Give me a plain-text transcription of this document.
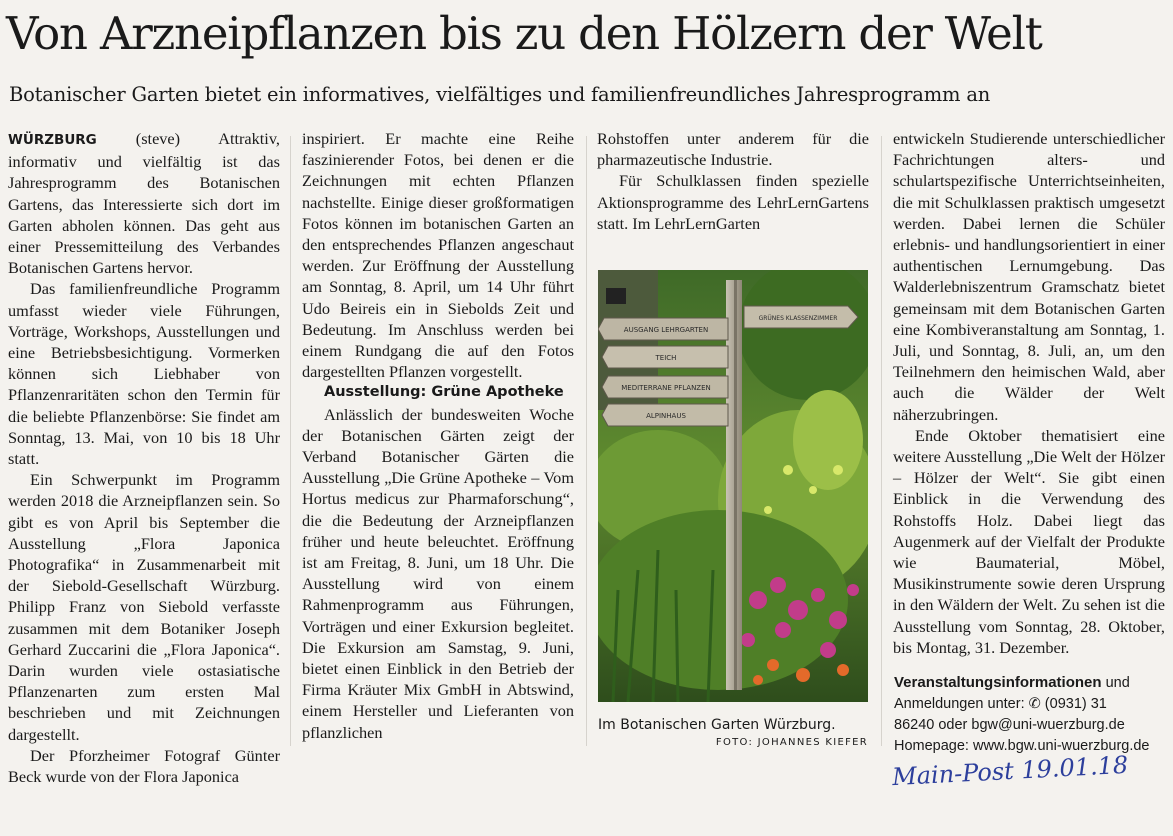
Von Arzneipflanzen bis zu den Hölzern der Welt
Botanischer Garten bietet ein informatives, vielfältiges und familienfreundliches Jahresprogramm an

WÜRZBURG (steve) Attraktiv, informativ und vielfältig ist das Jahresprogramm des Botanischen Gartens, das Interessierte sich dort im Garten abholen können. Das geht aus einer Pressemitteilung des Verbandes Botanischen Gartens hervor.

Das familienfreundliche Programm umfasst wieder viele Führungen, Vorträge, Workshops, Ausstellungen und eine Betriebsbesichtigung. Vormerken können sich Liebhaber von Pflanzenraritäten schon den Termin für die beliebte Pflanzenbörse: Sie findet am Sonntag, 13. Mai, von 10 bis 18 Uhr statt.

Ein Schwerpunkt im Programm werden 2018 die Arzneipflanzen sein. So gibt es von April bis September die Ausstellung „Flora Japonica Photografika“ in Zusammenarbeit mit der Siebold-Gesellschaft Würzburg. Philipp Franz von Siebold verfasste zusammen mit dem Botaniker Joseph Gerhard Zuccarini die „Flora Japonica“. Darin wurden viele ostasiatische Pflanzenarten zum ersten Mal beschrieben und mit Zeichnungen dargestellt.

Der Pforzheimer Fotograf Günter Beck wurde von der Flora Japonica

inspiriert. Er machte eine Reihe faszinierender Fotos, bei denen er die Zeichnungen mit echten Pflanzen nachstellte. Einige dieser großformatigen Fotos können im botanischen Garten an den entsprechendes Pflanzen angeschaut werden. Zur Eröffnung der Ausstellung am Sonntag, 8. April, um 14 Uhr führt Udo Beireis ein in Siebolds Zeit und Bedeutung. Im Anschluss werden bei einem Rundgang die auf den Fotos dargestellten Pflanzen vorgestellt.

Ausstellung: Grüne Apotheke

Anlässlich der bundesweiten Woche der Botanischen Gärten zeigt der Verband Botanischer Gärten die Ausstellung „Die Grüne Apotheke – Vom Hortus medicus zur Pharmaforschung“, die die Bedeutung der Arzneipflanzen früher und heute beleuchtet. Eröffnung ist am Freitag, 8. Juni, um 18 Uhr. Die Ausstellung wird von einem Rahmenprogramm aus Führungen, Vorträgen und einer Exkursion begleitet. Die Exkursion am Samstag, 9. Juni, bietet einen Einblick in den Betrieb der Firma Kräuter Mix GmbH in Abtswind, einem Hersteller und Lieferanten von pflanzlichen

Rohstoffen unter anderem für die pharmazeutische Industrie.

Für Schulklassen finden spezielle Aktionsprogramme des LehrLernGartens statt. Im LehrLernGarten

AUSGANG LEHRGARTEN
TEICH
MEDITERRANE PFLANZEN
ALPINHAUS
GRÜNES KLASSENZIMMER
Im Botanischen Garten Würzburg.
FOTO: JOHANNES KIEFER

entwickeln Studierende unterschiedlicher Fachrichtungen alters- und schulartspezifische Unterrichtseinheiten, die mit Schulklassen praktisch umgesetzt werden. Dabei lernen die Schüler erlebnis- und handlungsorientiert in einer authentischen Lernumgebung. Das Walderlebniszentrum Gramschatz bietet gemeinsam mit dem Botanischen Garten eine Kombiveranstaltung am Sonntag, 1. Juli, und Sonntag, 8. Juli, an, um den Teilnehmern den heimischen Wald, aber auch die Wälder der Welt näherzubringen.

Ende Oktober thematisiert eine weitere Ausstellung „Die Welt der Hölzer – Hölzer der Welt“. Sie gibt einen Einblick in die Verwendung des Rohstoffs Holz. Dabei liegt das Augenmerk auf der Vielfalt der Produkte wie Baumaterial, Möbel, Musikinstrumente sowie deren Ursprung in den Wäldern der Welt. Zu sehen ist die Ausstellung vom Sonntag, 28. Oktober, bis Montag, 31. Dezember.

Veranstaltungsinformationen und
Anmeldungen unter: ✆ (0931) 31
86240 oder bgw@uni-wuerzburg.de
Homepage: www.bgw.uni-wuerzburg.de
Main-Post 19.01.18
